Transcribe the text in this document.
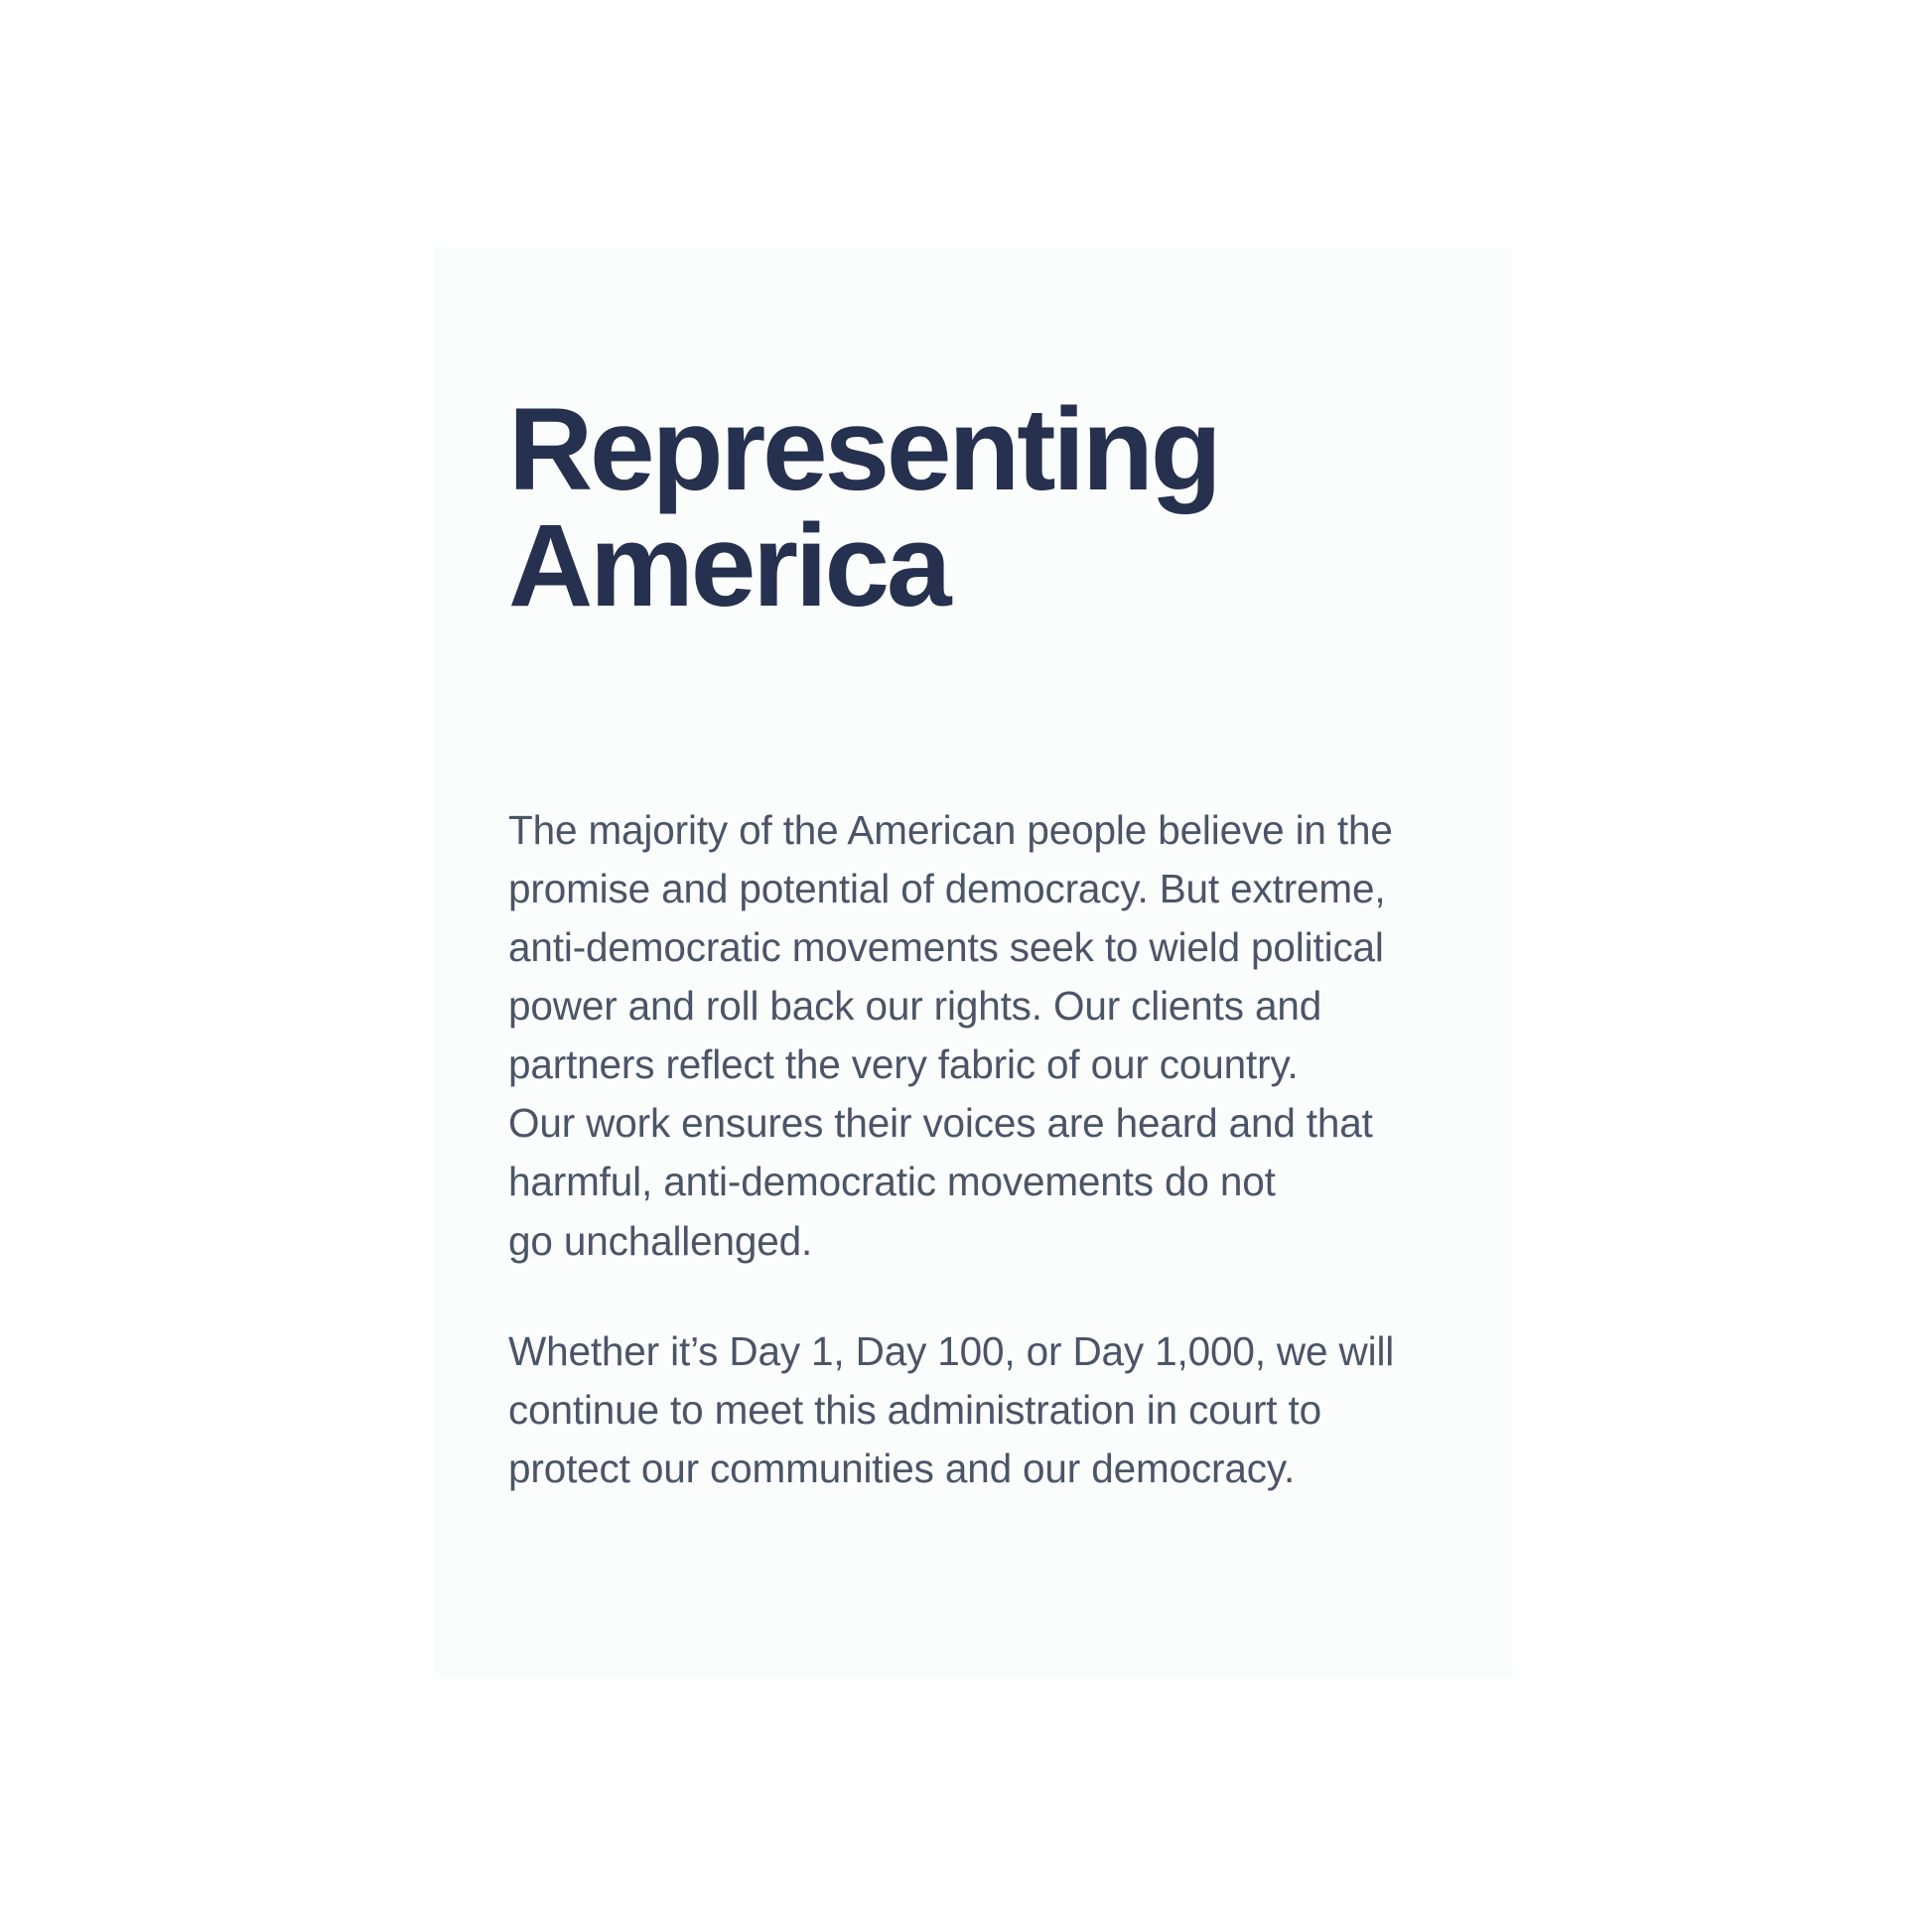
Representing
America

The majority of the American people believe in the
promise and potential of democracy. But extreme,
anti-democratic movements seek to wield political
power and roll back our rights. Our clients and
partners reflect the very fabric of our country.
Our work ensures their voices are heard and that
harmful, anti-democratic movements do not
go unchallenged.

Whether it’s Day 1, Day 100, or Day 1,000, we will
continue to meet this administration in court to
protect our communities and our democracy.
